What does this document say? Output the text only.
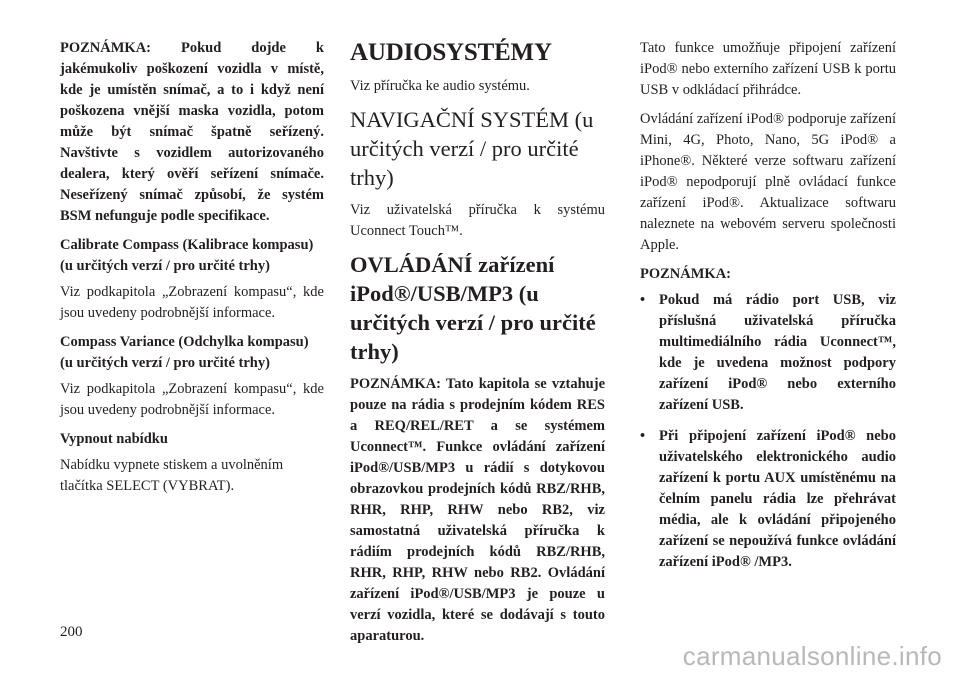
POZNÁMKA: Pokud dojde k jakémukoliv poškození vozidla v místě, kde je umístěn snímač, a to i když není poškozena vnější maska vozidla, potom může být snímač špatně seřízený. Navštivte s vozidlem autorizovaného dealera, který ověří seřízení snímače. Neseřízený snímač způsobí, že systém BSM nefunguje podle specifikace.

Calibrate Compass (Kalibrace kompasu) (u určitých verzí / pro určité trhy)

Viz podkapitola „Zobrazení kompasu“, kde jsou uvedeny podrobnější informace.

Compass Variance (Odchylka kompasu) (u určitých verzí / pro určité trhy)

Viz podkapitola „Zobrazení kompasu“, kde jsou uvedeny podrobnější informace.

Vypnout nabídku

Nabídku vypnete stiskem a uvolněním tlačítka SELECT (VYBRAT).

AUDIOSYSTÉMY

Viz příručka ke audio systému.

NAVIGAČNÍ SYSTÉM (u určitých verzí / pro určité trhy)

Viz uživatelská příručka k systému Uconnect Touch™.

OVLÁDÁNÍ zařízení iPod®/USB/MP3 (u určitých verzí / pro určité trhy)

POZNÁMKA: Tato kapitola se vztahuje pouze na rádia s prodejním kódem RES a REQ/REL/RET a se systémem Uconnect™. Funkce ovládání zařízení iPod®/USB/MP3 u rádií s dotykovou obrazovkou prodejních kódů RBZ/RHB, RHR, RHP, RHW nebo RB2, viz samostatná uživatelská příručka k rádiím prodejních kódů RBZ/RHB, RHR, RHP, RHW nebo RB2. Ovládání zařízení iPod®/USB/MP3 je pouze u verzí vozidla, které se dodávají s touto aparaturou.

Tato funkce umožňuje připojení zařízení iPod® nebo externího zařízení USB k portu USB v odkládací přihrádce.

Ovládání zařízení iPod® podporuje zařízení Mini, 4G, Photo, Nano, 5G iPod® a iPhone®. Některé verze softwaru zařízení iPod® nepodporují plně ovládací funkce zařízení iPod®. Aktualizace softwaru naleznete na webovém serveru společnosti Apple.

POZNÁMKA:
• Pokud má rádio port USB, viz příslušná uživatelská příručka multimediálního rádia Uconnect™, kde je uvedena možnost podpory zařízení iPod® nebo externího zařízení USB.
• Při připojení zařízení iPod® nebo uživatelského elektronického audio zařízení k portu AUX umístěnému na čelním panelu rádia lze přehrávat média, ale k ovládání připojeného zařízení se nepoužívá funkce ovládání zařízení iPod® /MP3.
200
carmanualsonline.info
